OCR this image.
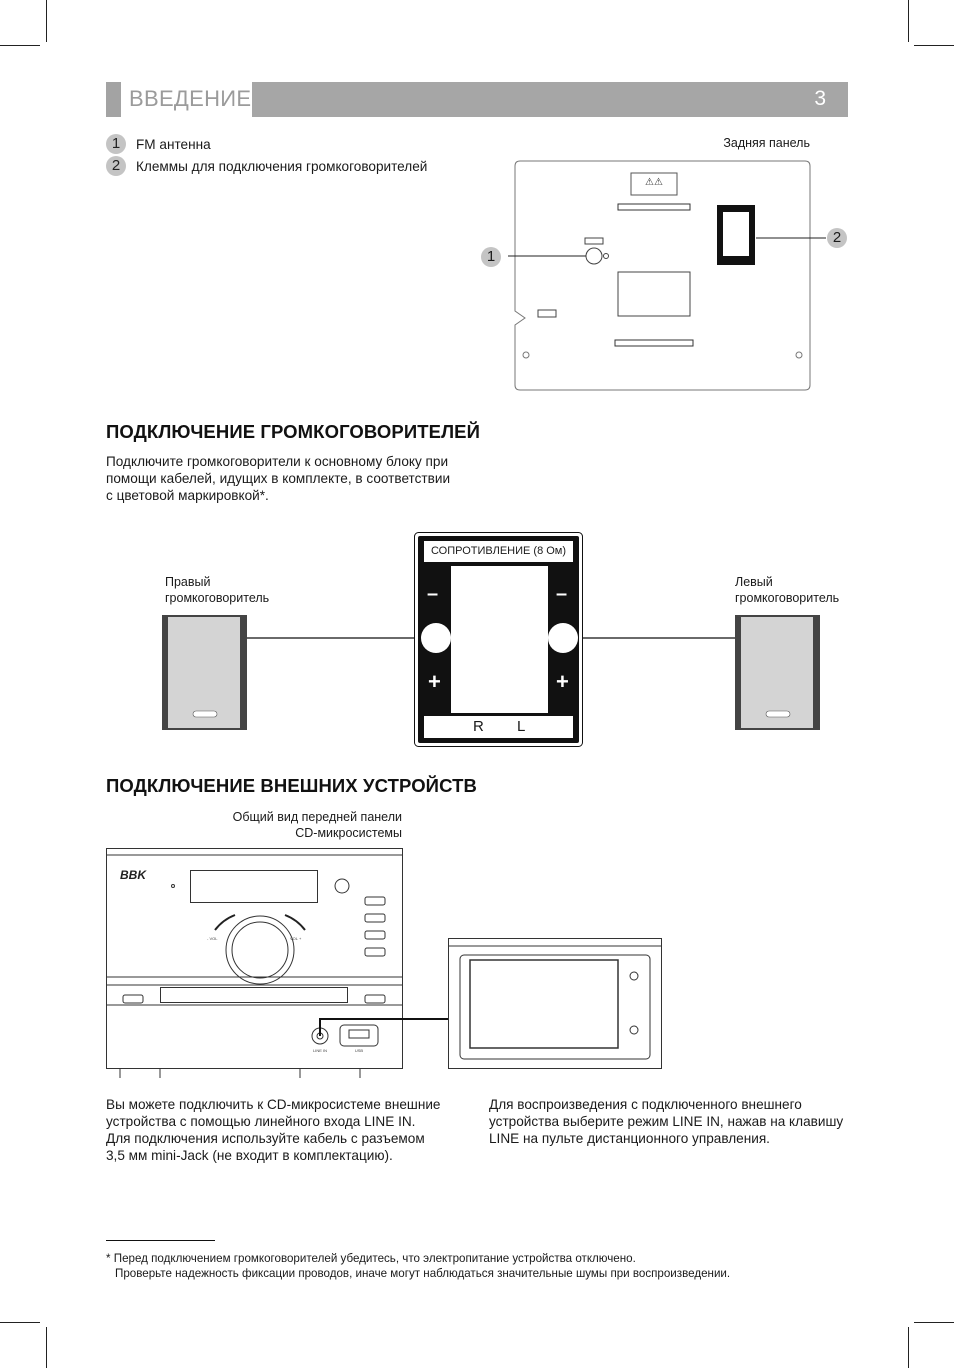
ВВЕДЕНИЕ	3
1	FM антенна
2	Клеммы для подключения громкоговорителей
Задняя панель
⚠⚠
1
2
ПОДКЛЮЧЕНИЕ ГРОМКОГОВОРИТЕЛЕЙ
Подключите громкоговорители к основному блоку при
помощи кабелей, идущих в комплекте, в соответствии
с цветовой маркировкой*.
Правый
громкоговоритель
Левый
громкоговоритель
СОПРОТИВЛЕНИЕ (8 Ом)
–	–
+	+
R L
ПОДКЛЮЧЕНИЕ ВНЕШНИХ УСТРОЙСТВ
Общий вид передней панели
CD-микросистемы
BBK
- VOL	VOL +
LINE IN	USB
Вы можете подключить к CD-микросистеме внешние
устройства с помощью линейного входа LINE IN.
Для подключения используйте кабель с разъемом
3,5 мм mini-Jack (не входит в комплектацию).
Для воспроизведения с подключенного внешнего
устройства выберите режим LINE IN, нажав на клавишу
LINE на пульте дистанционного управления.
* Перед подключением громкоговорителей убедитесь, что электропитание устройства отключено.
Проверьте надежность фиксации проводов, иначе могут наблюдаться значительные шумы при воспроизведении.
